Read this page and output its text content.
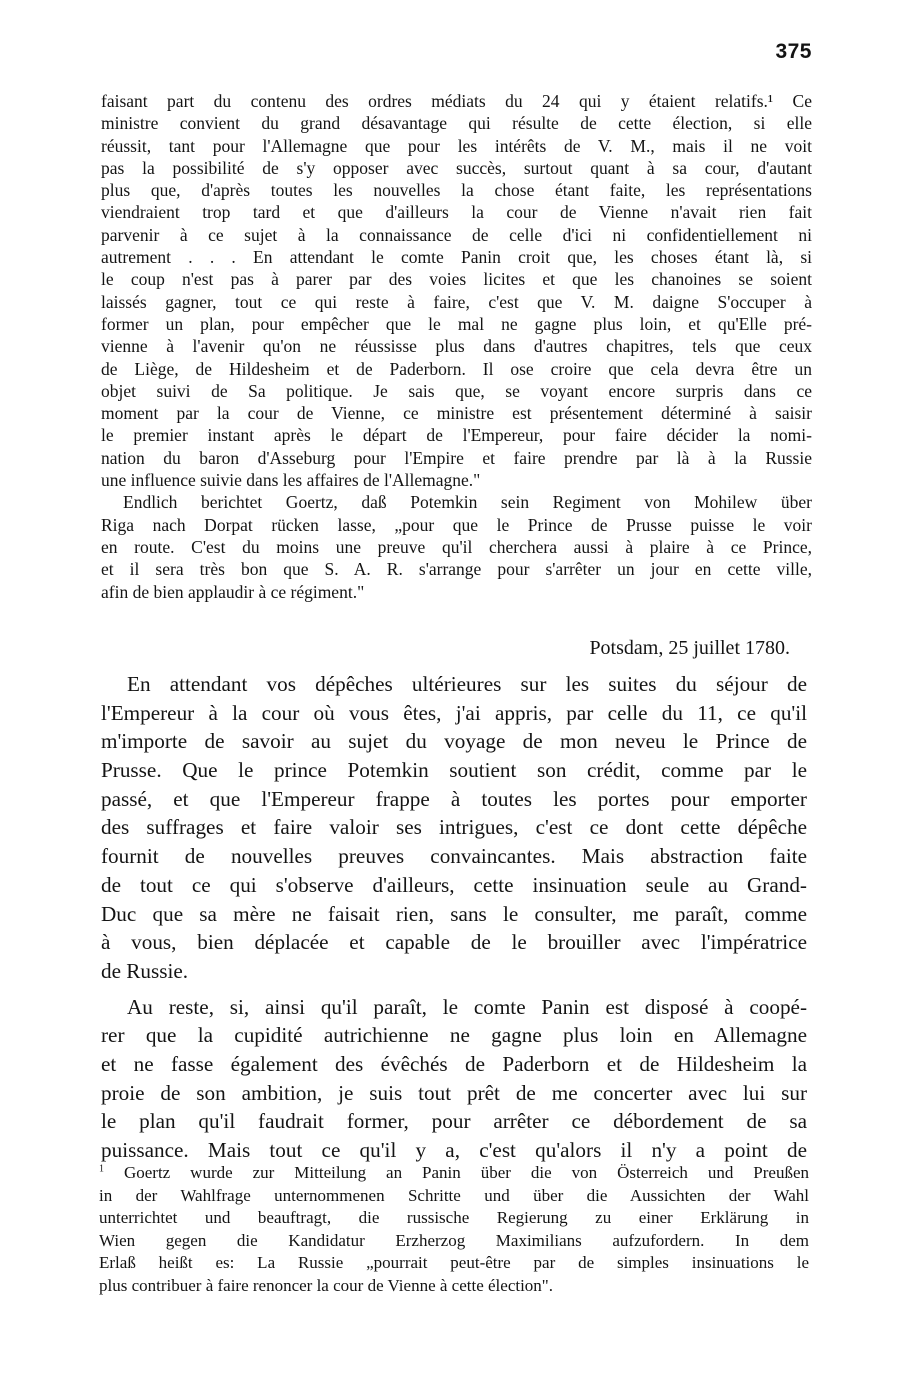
375
faisant part du contenu des ordres médiats du 24 qui y étaient relatifs.¹ Ce
ministre convient du grand désavantage qui résulte de cette élection, si elle
réussit, tant pour l'Allemagne que pour les intérêts de V. M., mais il ne voit
pas la possibilité de s'y opposer avec succès, surtout quant à sa cour, d'autant
plus que, d'après toutes les nouvelles la chose étant faite, les représentations
viendraient trop tard et que d'ailleurs la cour de Vienne n'avait rien fait
parvenir à ce sujet à la connaissance de celle d'ici ni confidentiellement ni
autrement . . . En attendant le comte Panin croit que, les choses étant là, si
le coup n'est pas à parer par des voies licites et que les chanoines se soient
laissés gagner, tout ce qui reste à faire, c'est que V. M. daigne S'occuper à
former un plan, pour empêcher que le mal ne gagne plus loin, et qu'Elle pré-
vienne à l'avenir qu'on ne réussisse plus dans d'autres chapitres, tels que ceux
de Liège, de Hildesheim et de Paderborn. Il ose croire que cela devra être un
objet suivi de Sa politique. Je sais que, se voyant encore surpris dans ce
moment par la cour de Vienne, ce ministre est présentement déterminé à saisir
le premier instant après le départ de l'Empereur, pour faire décider la nomi-
nation du baron d'Asseburg pour l'Empire et faire prendre par là à la Russie
une influence suivie dans les affaires de l'Allemagne."
Endlich berichtet Goertz, daß Potemkin sein Regiment von Mohilew über
Riga nach Dorpat rücken lasse, „pour que le Prince de Prusse puisse le voir
en route. C'est du moins une preuve qu'il cherchera aussi à plaire à ce Prince,
et il sera très bon que S. A. R. s'arrange pour s'arrêter un jour en cette ville,
afin de bien applaudir à ce régiment."
Potsdam, 25 juillet 1780.
En attendant vos dépêches ultérieures sur les suites du séjour de
l'Empereur à la cour où vous êtes, j'ai appris, par celle du 11, ce qu'il
m'importe de savoir au sujet du voyage de mon neveu le Prince de
Prusse. Que le prince Potemkin soutient son crédit, comme par le
passé, et que l'Empereur frappe à toutes les portes pour emporter
des suffrages et faire valoir ses intrigues, c'est ce dont cette dépêche
fournit de nouvelles preuves convaincantes. Mais abstraction faite
de tout ce qui s'observe d'ailleurs, cette insinuation seule au Grand-
Duc que sa mère ne faisait rien, sans le consulter, me paraît, comme
à vous, bien déplacée et capable de le brouiller avec l'impératrice
de Russie.
Au reste, si, ainsi qu'il paraît, le comte Panin est disposé à coopé-
rer que la cupidité autrichienne ne gagne plus loin en Allemagne
et ne fasse également des évêchés de Paderborn et de Hildesheim la
proie de son ambition, je suis tout prêt de me concerter avec lui sur
le plan qu'il faudrait former, pour arrêter ce débordement de sa
puissance. Mais tout ce qu'il y a, c'est qu'alors il n'y a point de
$^1$ Goertz wurde zur Mitteilung an Panin über die von Österreich und Preußen
in der Wahlfrage unternommenen Schritte und über die Aussichten der Wahl
unterrichtet und beauftragt, die russische Regierung zu einer Erklärung in
Wien gegen die Kandidatur Erzherzog Maximilians aufzufordern. In dem
Erlaß heißt es: La Russie „pourrait peut-être par de simples insinuations le
plus contribuer à faire renoncer la cour de Vienne à cette élection".
